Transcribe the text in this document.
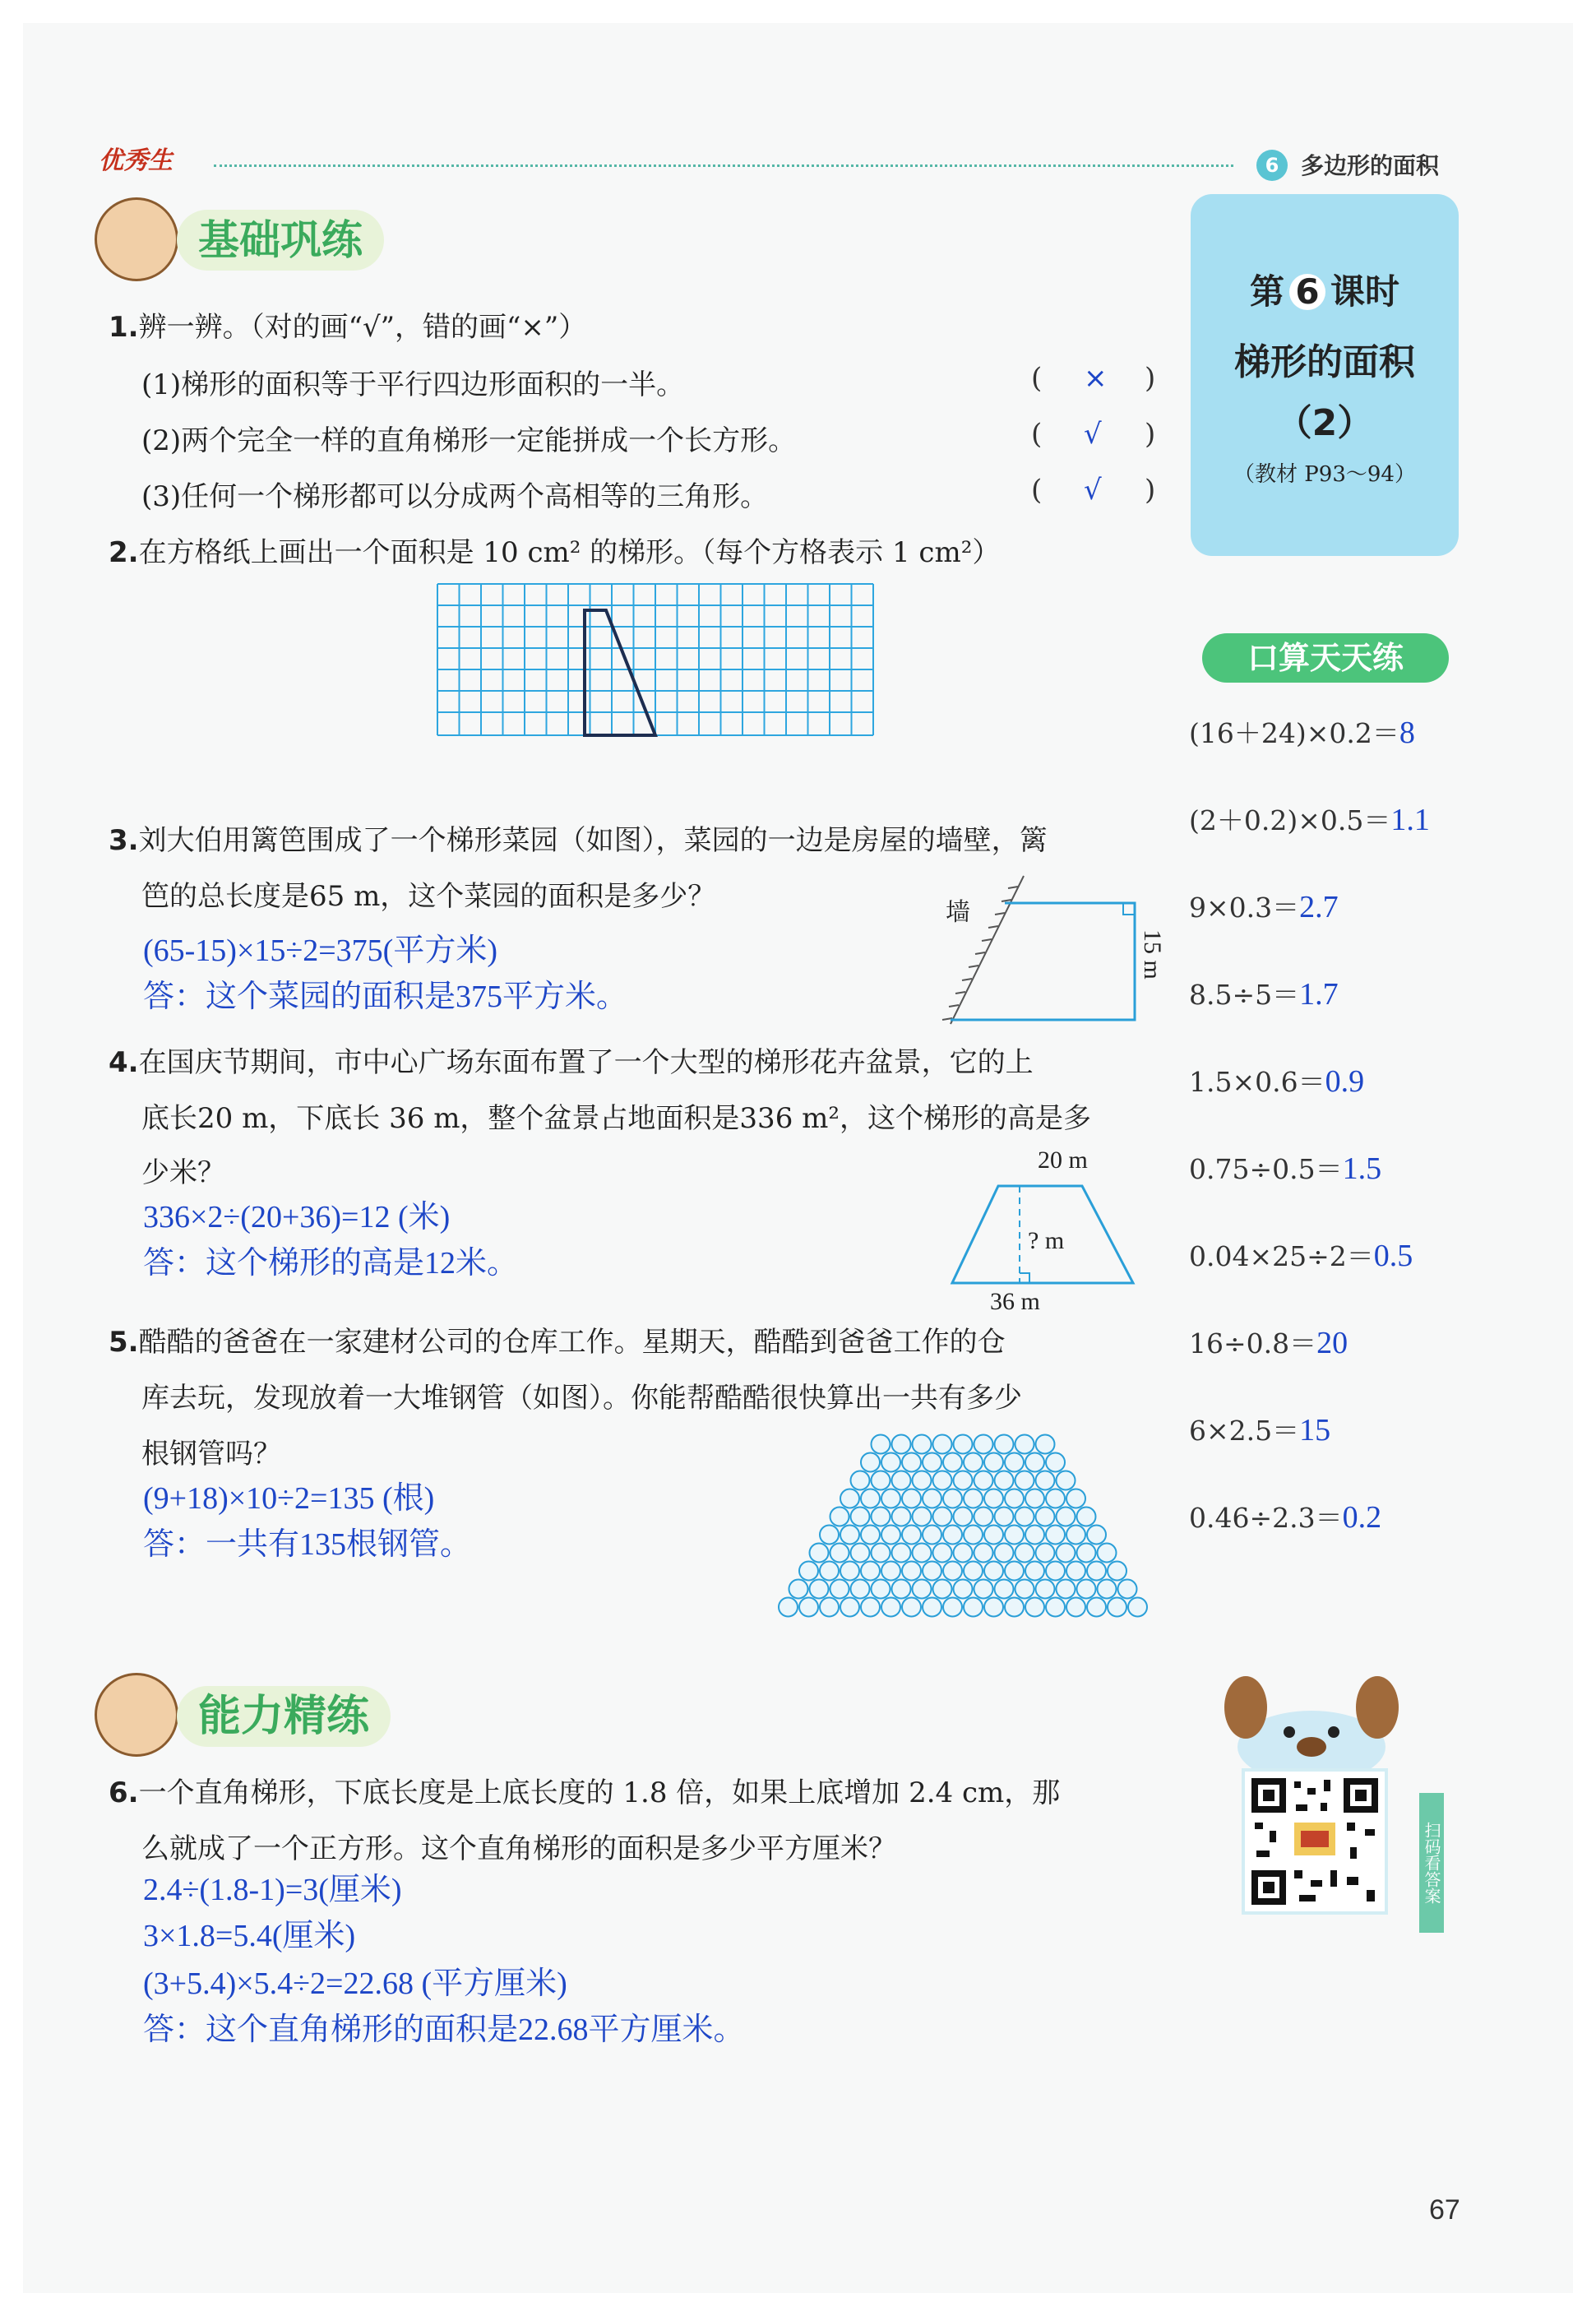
优秀生	6 多边形的面积
基础巩练
第 6 课时
梯形的面积
（2）
（教材 P93～94）
口算天天练
(16＋24)×0.2＝8
(2＋0.2)×0.5＝1.1
9×0.3＝2.7
8.5÷5＝1.7
1.5×0.6＝0.9
0.75÷0.5＝1.5
0.04×25÷2＝0.5
16÷0.8＝20
6×2.5＝15
0.46÷2.3＝0.2
1.辨一辨。（对的画“√”，错的画“×”）
(1)梯形的面积等于平行四边形面积的一半。
(2)两个完全一样的直角梯形一定能拼成一个长方形。
(3)任何一个梯形都可以分成两个高相等的三角形。
( × )
( √ )
( √ )
2.在方格纸上画出一个面积是 10 cm² 的梯形。（每个方格表示 1 cm²）
3.刘大伯用篱笆围成了一个梯形菜园（如图），菜园的一边是房屋的墙壁，篱
笆的总长度是65 m，这个菜园的面积是多少？
(65-15)×15÷2=375(平方米)
答：这个菜园的面积是375平方米。
墙
15 m
4.在国庆节期间，市中心广场东面布置了一个大型的梯形花卉盆景，它的上
底长20 m，下底长 36 m，整个盆景占地面积是336 m²，这个梯形的高是多
少米？
336×2÷(20+36)=12 (米)
答：这个梯形的高是12米。
20 m
? m
36 m
5.酷酷的爸爸在一家建材公司的仓库工作。星期天，酷酷到爸爸工作的仓
库去玩，发现放着一大堆钢管（如图）。你能帮酷酷很快算出一共有多少
根钢管吗？
(9+18)×10÷2=135 (根)
答：一共有135根钢管。
能力精练
6.一个直角梯形，下底长度是上底长度的 1.8 倍，如果上底增加 2.4 cm，那
么就成了一个正方形。这个直角梯形的面积是多少平方厘米？
2.4÷(1.8-1)=3(厘米)
3×1.8=5.4(厘米)
(3+5.4)×5.4÷2=22.68 (平方厘米)
答：这个直角梯形的面积是22.68平方厘米。
扫码看答案
67
